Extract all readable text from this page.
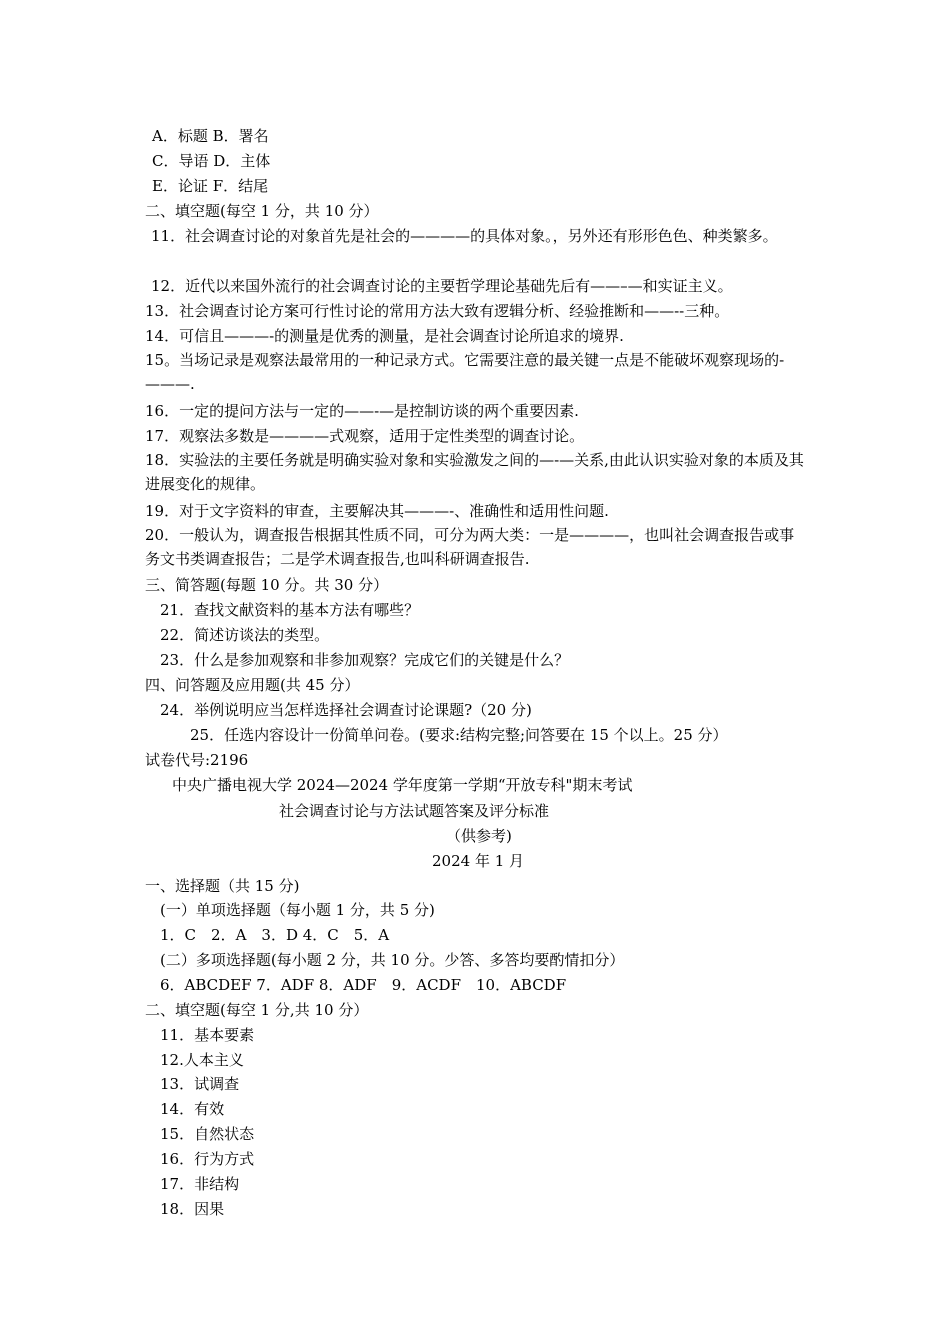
A．标题 B．署名
C．导语 D．主体
E．论证 F．结尾
二、填空题(每空 1 分，共 10 分）
11．社会调查讨论的对象首先是社会的————的具体对象。，另外还有形形色色、种类繁多。
12．近代以来国外流行的社会调查讨论的主要哲学理论基础先后有——–—和实证主义。
13．社会调查讨论方案可行性讨论的常用方法大致有逻辑分析、经验推断和——--三种。
14．可信且———-的测量是优秀的测量，是社会调查讨论所追求的境界.
15。当场记录是观察法最常用的一种记录方式。它需要注意的最关键一点是不能破坏观察现场的-———.
16．一定的提问方法与一定的——-—是控制访谈的两个重要因素.
17．观察法多数是————式观察，适用于定性类型的调查讨论。
18．实验法的主要任务就是明确实验对象和实验激发之间的—-—关系,由此认识实验对象的本质及其进展变化的规律。
19．对于文字资料的审查，主要解决其———-、准确性和适用性问题.
20．一般认为，调查报告根据其性质不同，可分为两大类：一是————，也叫社会调查报告或事务文书类调查报告；二是学术调查报告,也叫科研调查报告.
三、简答题(每题 10 分。共 30 分）
21．查找文献资料的基本方法有哪些？
22．简述访谈法的类型。
23．什么是参加观察和非参加观察？完成它们的关键是什么？
四、问答题及应用题(共 45 分）
24．举例说明应当怎样选择社会调查讨论课题?（20 分)
25．任选内容设计一份简单问卷。(要求:结构完整;问答要在 15 个以上。25 分）
试卷代号:2196
中央广播电视大学 2024—2024 学年度第一学期“开放专科"期末考试
社会调查讨论与方法试题答案及评分标准
（供参考)
2024 年 1 月
一、选择题（共 15 分)
(一）单项选择题（每小题 1 分，共 5 分)
1．C　2．A　3．D 4．C　5．A
(二）多项选择题(每小题 2 分，共 10 分。少答、多答均要酌情扣分）
6．ABCDEF 7．ADF 8．ADF　9．ACDF　10．ABCDF
二、填空题(每空 1 分,共 10 分）
11．基本要素
12.人本主义
13．试调查
14．有效
15．自然状态
16．行为方式
17．非结构
18．因果
